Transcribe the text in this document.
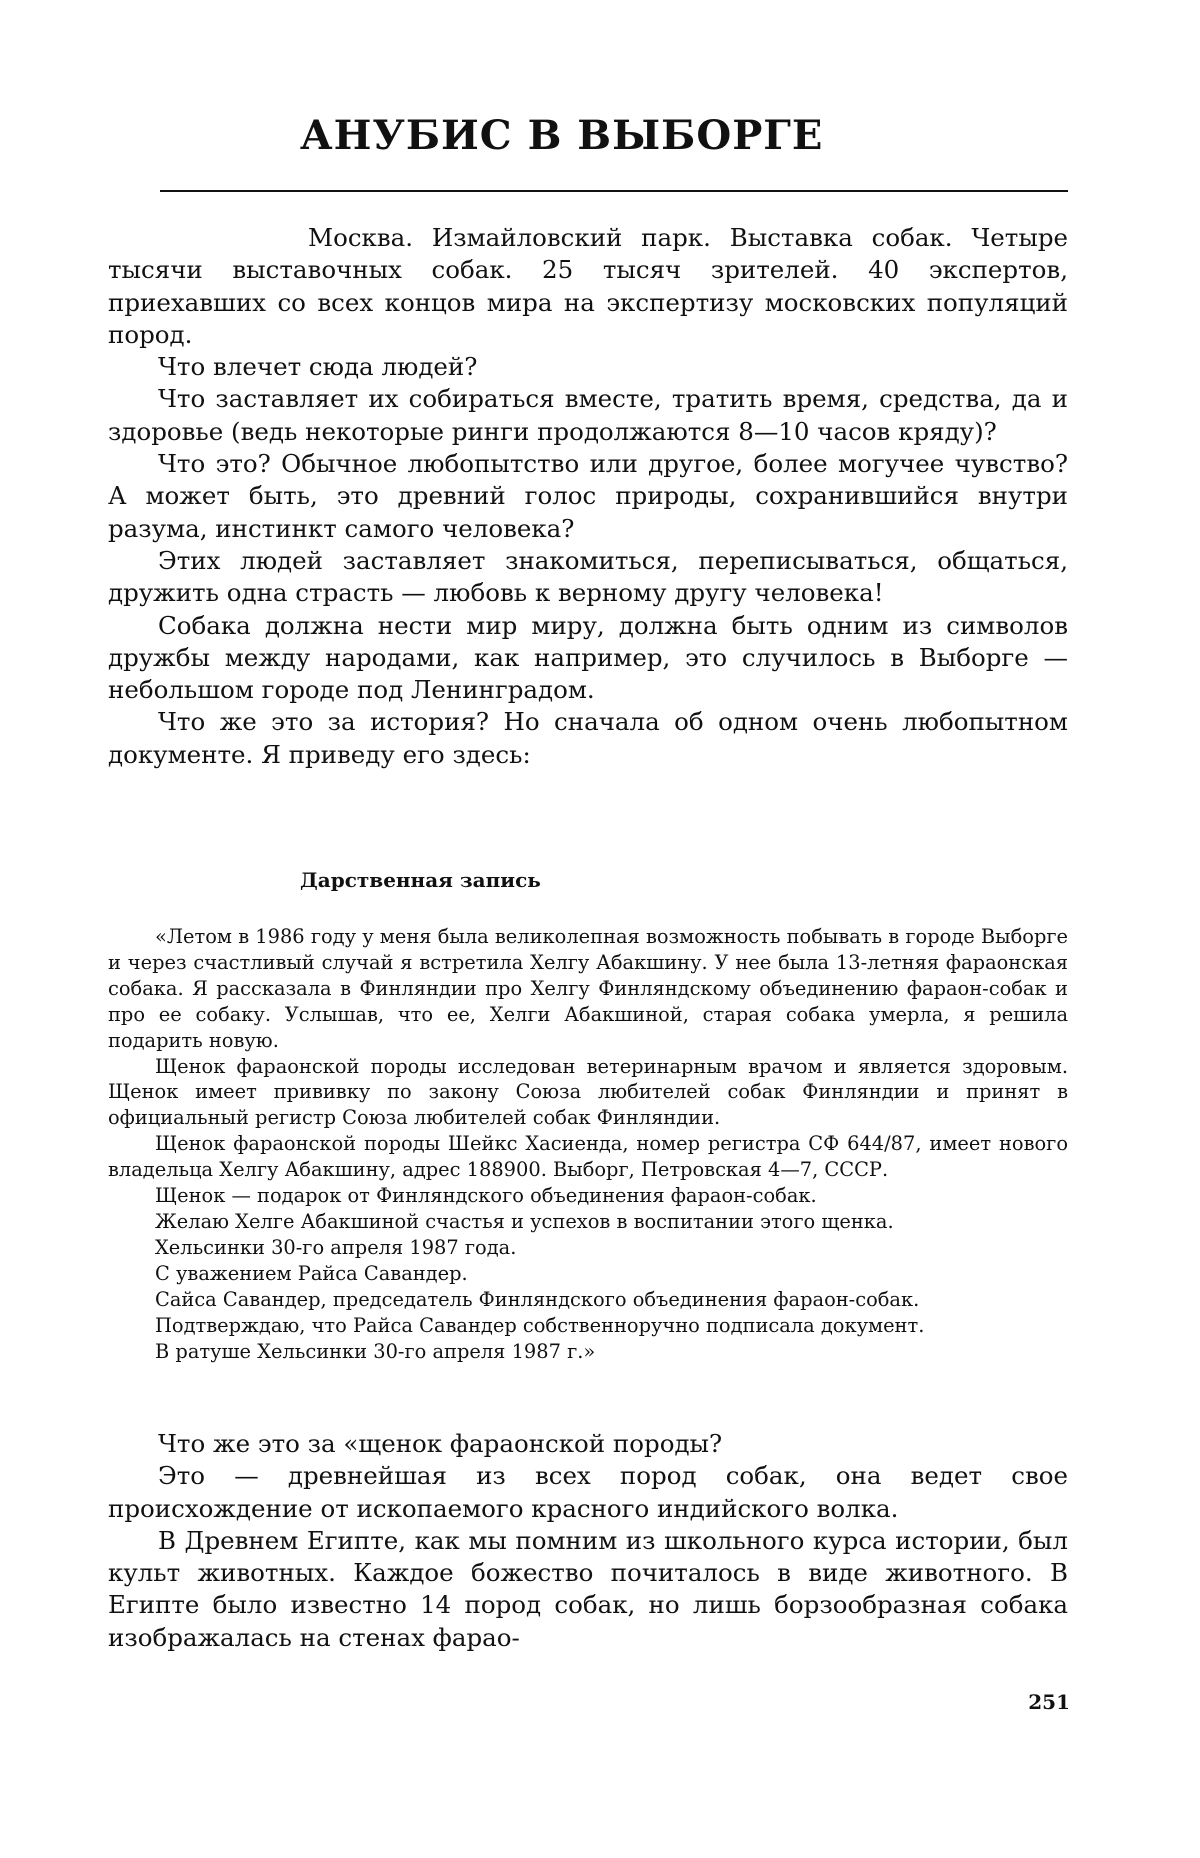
АНУБИС В ВЫБОРГЕ

Москва. Измайловский парк. Выставка собак. Четыре тысячи выставочных собак. 25 тысяч зрителей. 40 экспертов, приехавших со всех концов мира на экспертизу московских популяций пород.

Что влечет сюда людей?

Что заставляет их собираться вместе, тратить время, средства, да и здоровье (ведь некоторые ринги продолжаются 8—10 часов кряду)?

Что это? Обычное любопытство или другое, более могучее чувство? А может быть, это древний голос природы, сохранившийся внутри разума, инстинкт самого человека?

Этих людей заставляет знакомиться, переписываться, общаться, дружить одна страсть — любовь к верному другу человека!

Собака должна нести мир миру, должна быть одним из символов дружбы между народами, как например, это случилось в Выборге — небольшом городе под Ленинградом.

Что же это за история? Но сначала об одном очень любопытном документе. Я приведу его здесь:

Дарственная запись

«Летом в 1986 году у меня была великолепная возможность побывать в городе Выборге и через счастливый случай я встретила Хелгу Абакшину. У нее была 13-летняя фараонская собака. Я рассказала в Финляндии про Хелгу Финляндскому объединению фараон-собак и про ее собаку. Услышав, что ее, Хелги Абакшиной, старая собака умерла, я решила подарить новую.

Щенок фараонской породы исследован ветеринарным врачом и является здоровым. Щенок имеет прививку по закону Союза любителей собак Финляндии и принят в официальный регистр Союза любителей собак Финляндии.

Щенок фараонской породы Шейкс Хасиенда, номер регистра СФ 644/87, имеет нового владельца Хелгу Абакшину, адрес 188900. Выборг, Петровская 4—7, СССР.

Щенок — подарок от Финляндского объединения фараон-собак.

Желаю Хелге Абакшиной счастья и успехов в воспитании этого щенка.

Хельсинки 30-го апреля 1987 года.

С уважением Райса Савандер.

Сайса Савандер, председатель Финляндского объединения фараон-собак.

Подтверждаю, что Райса Савандер собственноручно подписала документ.

В ратуше Хельсинки 30-го апреля 1987 г.»

Что же это за «щенок фараонской породы?

Это — древнейшая из всех пород собак, она ведет свое происхождение от ископаемого красного индийского волка.

В Древнем Египте, как мы помним из школьного курса истории, был культ животных. Каждое божество почиталось в виде животного. В Египте было известно 14 пород собак, но лишь борзообразная собака изображалась на стенах фарао-

251
